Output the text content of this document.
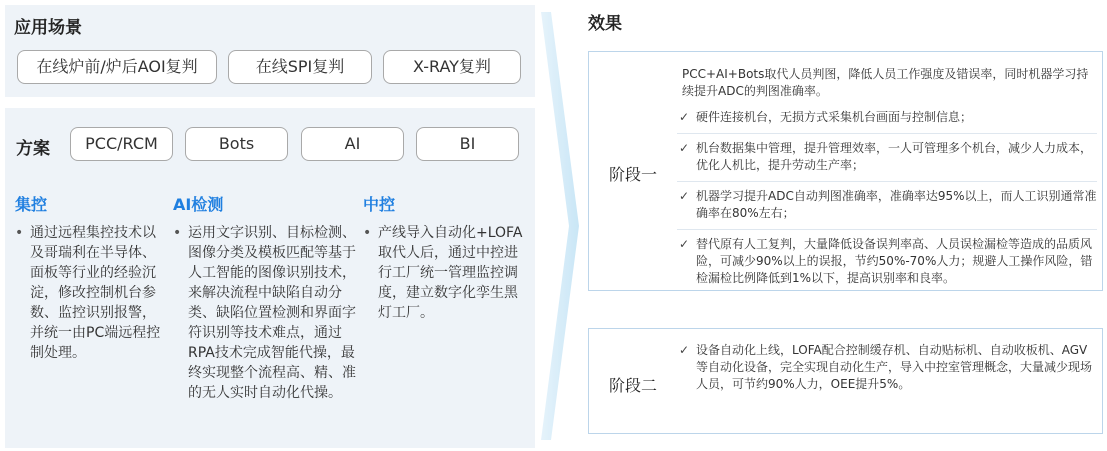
应用场景
在线炉前/炉后AOI复判	在线SPI复判	X-RAY复判
方案	PCC/RCM	Bots	AI	BI
集控
• 通过远程集控技术以及哥瑞利在半导体、面板等行业的经验沉淀，修改控制机台参数、监控识别报警，并统一由PC端远程控制处理。
AI检测
• 运用文字识别、目标检测、图像分类及模板匹配等基于人工智能的图像识别技术，来解决流程中缺陷自动分类、缺陷位置检测和界面字符识别等技术难点，通过RPA技术完成智能代操，最终实现整个流程高、精、准的无人实时自动化代操。
中控
• 产线导入自动化+LOFA取代人后，通过中控进行工厂统一管理监控调度，建立数字化孪生黑灯工厂。
效果
阶段一
PCC+AI+Bots取代人员判图，降低人员工作强度及错误率，同时机器学习持续提升ADC的判图准确率。
✓ 硬件连接机台，无损方式采集机台画面与控制信息；
✓ 机台数据集中管理，提升管理效率，一人可管理多个机台，减少人力成本，优化人机比，提升劳动生产率；
✓ 机器学习提升ADC自动判图准确率，准确率达95%以上，而人工识别通常准确率在80%左右；
✓ 替代原有人工复判，大量降低设备误判率高、人员误检漏检等造成的品质风险，可减少90%以上的误报，节约50%-70%人力；规避人工操作风险，错检漏检比例降低到1%以下，提高识别率和良率。
阶段二
✓ 设备自动化上线，LOFA配合控制缓存机、自动贴标机、自动收板机、AGV等自动化设备，完全实现自动化生产，导入中控室管理概念，大量减少现场人员，可节约90%人力，OEE提升5%。
